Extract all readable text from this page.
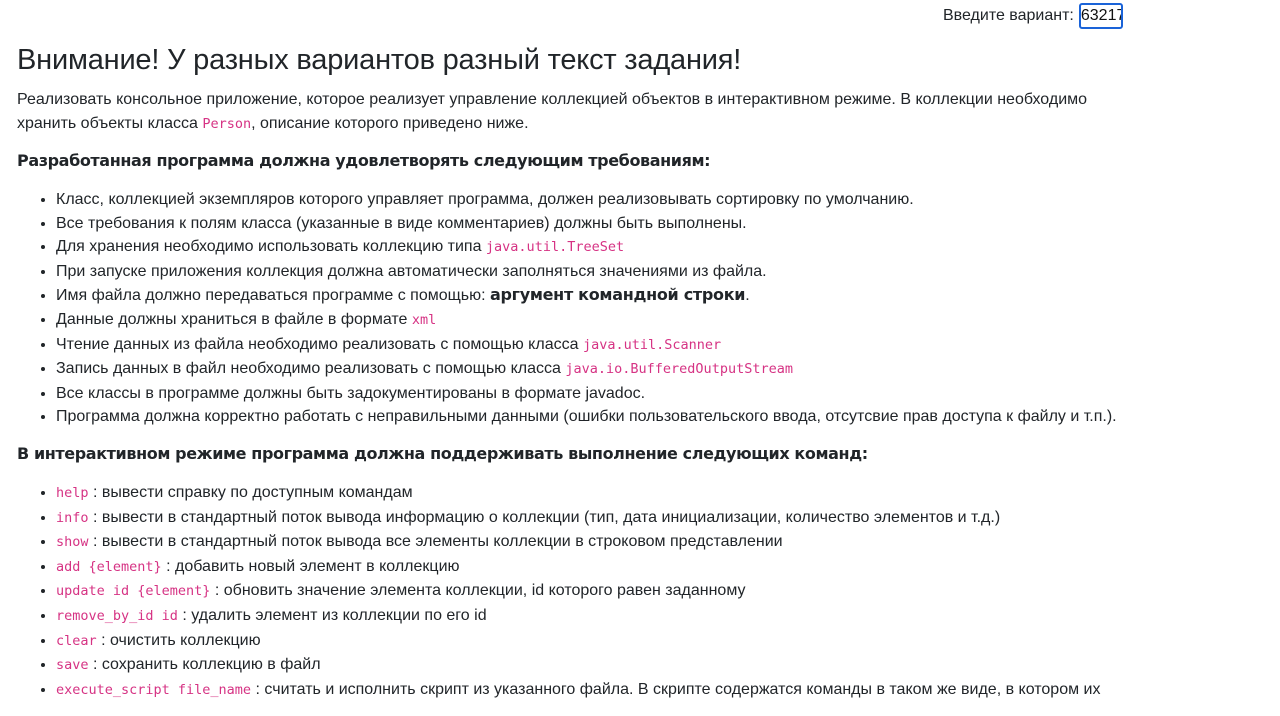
Введите вариант:
63217
Внимание! У разных вариантов разный текст задания!

Реализовать консольное приложение, которое реализует управление коллекцией объектов в интерактивном режиме. В коллекции необходимо хранить объекты класса Person, описание которого приведено ниже.

Разработанная программа должна удовлетворять следующим требованиям:
• Класс, коллекцией экземпляров которого управляет программа, должен реализовывать сортировку по умолчанию.
• Все требования к полям класса (указанные в виде комментариев) должны быть выполнены.
• Для хранения необходимо использовать коллекцию типа java.util.TreeSet
• При запуске приложения коллекция должна автоматически заполняться значениями из файла.
• Имя файла должно передаваться программе с помощью: аргумент командной строки.
• Данные должны храниться в файле в формате xml
• Чтение данных из файла необходимо реализовать с помощью класса java.util.Scanner
• Запись данных в файл необходимо реализовать с помощью класса java.io.BufferedOutputStream
• Все классы в программе должны быть задокументированы в формате javadoc.
• Программа должна корректно работать с неправильными данными (ошибки пользовательского ввода, отсутсвие прав доступа к файлу и т.п.).
В интерактивном режиме программа должна поддерживать выполнение следующих команд:
• help : вывести справку по доступным командам
• info : вывести в стандартный поток вывода информацию о коллекции (тип, дата инициализации, количество элементов и т.д.)
• show : вывести в стандартный поток вывода все элементы коллекции в строковом представлении
• add {element} : добавить новый элемент в коллекцию
• update id {element} : обновить значение элемента коллекции, id которого равен заданному
• remove_by_id id : удалить элемент из коллекции по его id
• clear : очистить коллекцию
• save : сохранить коллекцию в файл
• execute_script file_name : считать и исполнить скрипт из указанного файла. В скрипте содержатся команды в таком же виде, в котором их
